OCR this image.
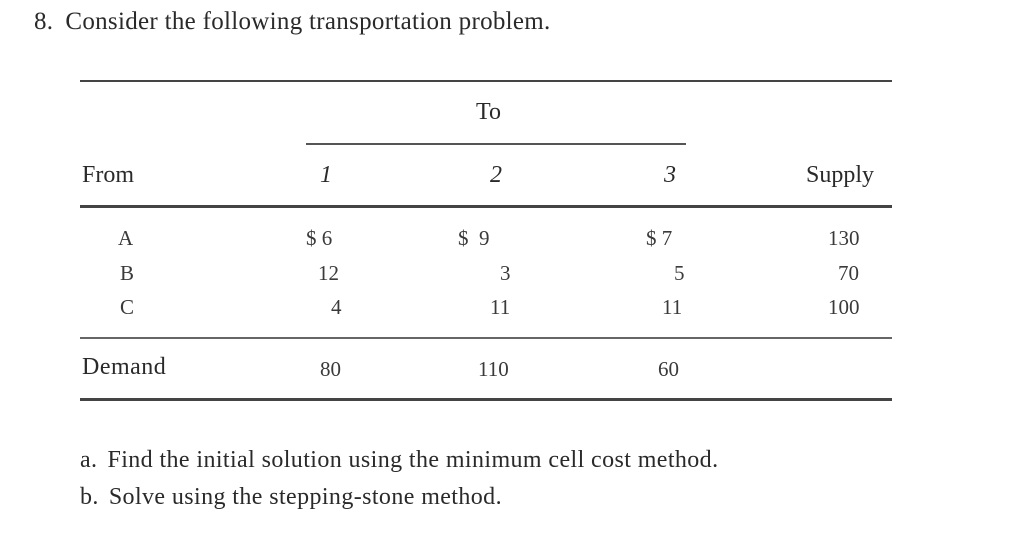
8. Consider the following transportation problem.
To
From	1	2	3	Supply
A	$ 6	$  9	$ 7	130
B	12	3	5	70
C	4	11	11	100
Demand	80	110	60
a. Find the initial solution using the minimum cell cost method.
b. Solve using the stepping-stone method.
